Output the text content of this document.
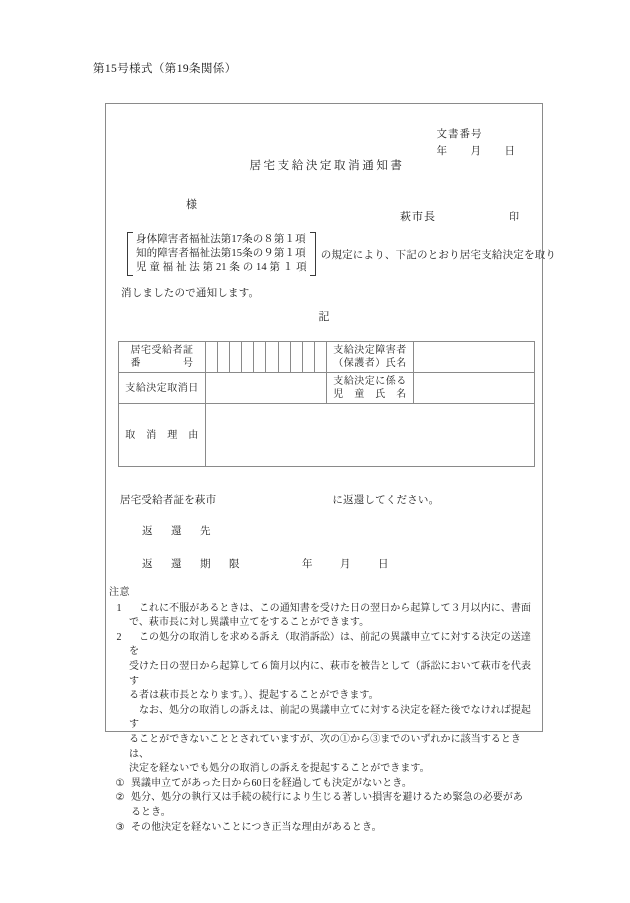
第15号様式（第19条関係）
文書番号
年 月 日
居宅支給決定取消通知書
様
萩市長	印
身体障害者福祉法第17条の８第１項
知的障害者福祉法第15条の９第１項
児 童 福 祉 法 第 21 条 の 14 第 １ 項
の規定により、下記のとおり居宅支給決定を取り
消しましたので通知します。
記
居宅受給者証
番　　　　号		支給決定障害者
（保護者）氏名	

支給決定取消日		支給決定に係る
児　童　氏　名	

取　消　理　由			

居宅受給者証を萩市	に返還してください。
返　還　先
返　還　期　限	年	月	日
注意
1	これに不服があるときは、この通知書を受けた日の翌日から起算して３月以内に、書面

で、萩市長に対し異議申立てをすることができます。

2	この処分の取消しを求める訴え（取消訴訟）は、前記の異議申立てに対する決定の送達を

受けた日の翌日から起算して６箇月以内に、萩市を被告として（訴訟において萩市を代表す

る者は萩市長となります。）、提起することができます。

なお、処分の取消しの訴えは、前記の異議申立てに対する決定を経た後でなければ提起す

ることができないこととされていますが、次の①から③までのいずれかに該当するときは、

決定を経ないでも処分の取消しの訴えを提起することができます。

① 異議申立てがあった日から60日を経過しても決定がないとき。

② 処分、処分の執行又は手続の続行により生じる著しい損害を避けるため緊急の必要があ

るとき。

③ その他決定を経ないことにつき正当な理由があるとき。
